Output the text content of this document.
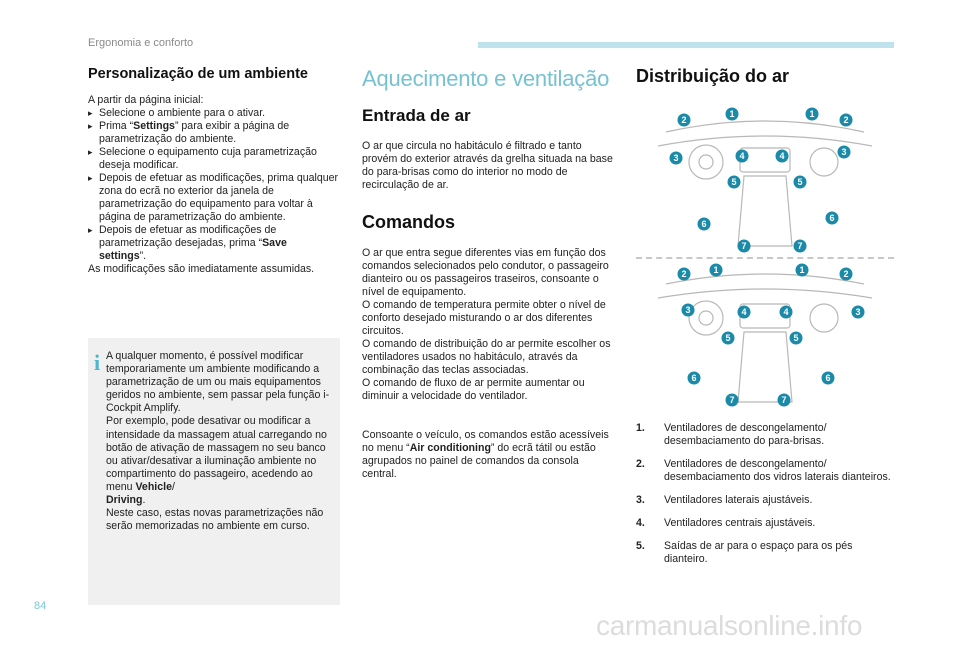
Ergonomia e conforto
Personalização de um ambiente

A partir da página inicial:

▸ Selecione o ambiente para o ativar.

▸ Prima “Settings” para exibir a página de parametrização do ambiente.

▸ Selecione o equipamento cuja parametrização deseja modificar.

▸ Depois de efetuar as modificações, prima qualquer zona do ecrã no exterior da janela de parametrização do equipamento para voltar à página de parametrização do ambiente.

▸ Depois de efetuar as modificações de parametrização desejadas, prima “Save
settings”.

As modificações são imediatamente assumidas.

i A qualquer momento, é possível modificar temporariamente um ambiente modificando a parametrização de um ou mais equipamentos geridos no ambiente, sem passar pela função i-Cockpit Amplify.
Por exemplo, pode desativar ou modificar a intensidade da massagem atual carregando no botão de ativação de massagem no seu banco ou ativar/desativar a iluminação ambiente no compartimento do passageiro, acedendo ao menu Vehicle/
Driving.
Neste caso, estas novas parametrizações não serão memorizadas no ambiente em curso.
Aquecimento e ventilação
Entrada de ar

O ar que circula no habitáculo é filtrado e tanto provém do exterior através da grelha situada na base do para-brisas como do interior no modo de recirculação de ar.

Comandos

O ar que entra segue diferentes vias em função dos comandos selecionados pelo condutor, o passageiro dianteiro ou os passageiros traseiros, consoante o nível de equipamento.

O comando de temperatura permite obter o nível de conforto desejado misturando o ar dos diferentes circuitos.

O comando de distribuição do ar permite escolher os ventiladores usados no habitáculo, através da combinação das teclas associadas.

O comando de fluxo de ar permite aumentar ou diminuir a velocidade do ventilador.

Consoante o veículo, os comandos estão acessíveis no menu “Air conditioning” do ecrã tátil ou estão agrupados no painel de comandos da consola central.

Distribuição do ar
1	1
2	2
3
3
4	4
5	5
6
6
7	7
1	1
2	2
3	3
4	4
5	5
6	6
7	7
1. Ventiladores de descongelamento/ desembaciamento do para-brisas.
2. Ventiladores de descongelamento/ desembaciamento dos vidros laterais dianteiros.
3. Ventiladores laterais ajustáveis.
4. Ventiladores centrais ajustáveis.
5. Saídas de ar para o espaço para os pés dianteiro.
84
carmanualsonline.info
